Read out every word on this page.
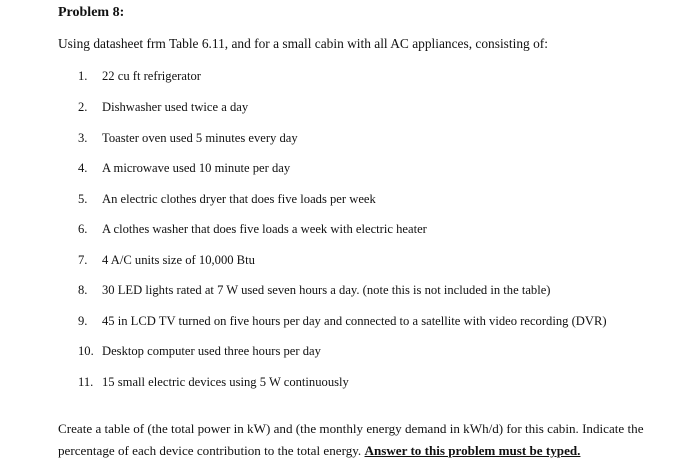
Problem 8:
Using datasheet frm Table 6.11, and for a small cabin with all AC appliances, consisting of:
1.	22 cu ft refrigerator
2.	Dishwasher used twice a day
3.	Toaster oven used 5 minutes every day
4.	A microwave used 10 minute per day
5.	An electric clothes dryer that does five loads per week
6.	A clothes washer that does five loads a week with electric heater
7.	4 A/C units size of 10,000 Btu
8.	30 LED lights rated at 7 W used seven hours a day. (note this is not included in the table)
9.	45 in LCD TV turned on five hours per day and connected to a satellite with video recording (DVR)
10. Desktop computer used three hours per day
11. 15 small electric devices using 5 W continuously
Create a table of (the total power in kW) and (the monthly energy demand in kWh/d) for this cabin. Indicate the percentage of each device contribution to the total energy. Answer to this problem must be typed.
